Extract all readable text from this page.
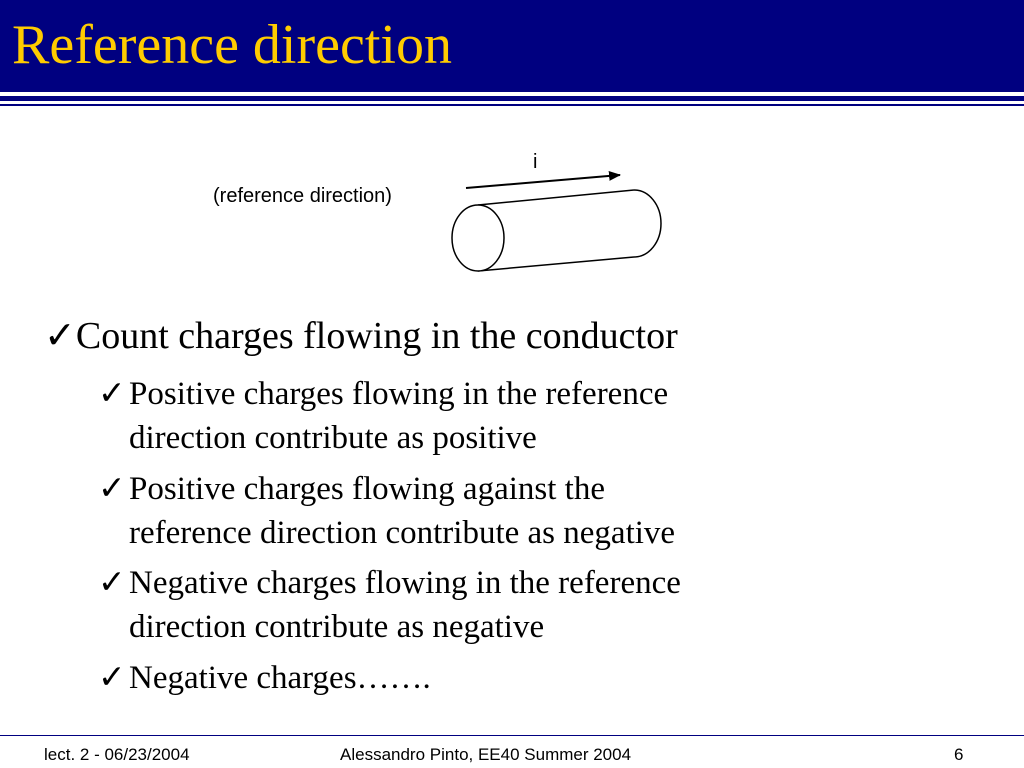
Reference direction
i
(reference direction)
✓Count charges flowing in the conductor
✓ Positive charges flowing in the reference
direction contribute as positive
✓ Positive charges flowing against the
reference direction contribute as negative
✓ Negative charges flowing in the reference
direction contribute as negative
✓ Negative charges…….
lect. 2 - 06/23/2004	Alessandro Pinto, EE40 Summer 2004	6
